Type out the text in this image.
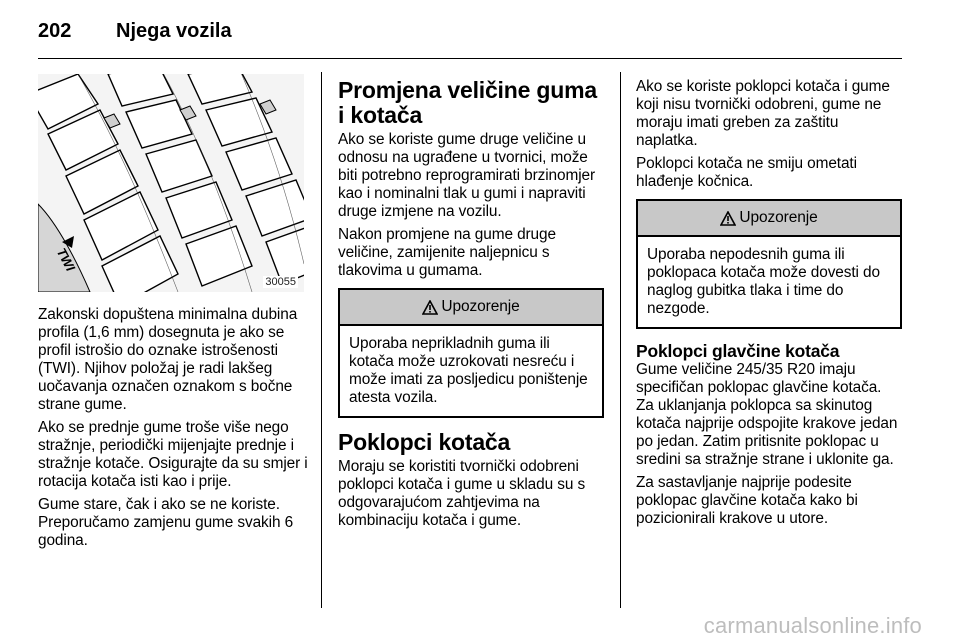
202 Njega vozila
TWI
30055

Zakonski dopuštena minimalna dubina profila (1,6 mm) dosegnuta je ako se profil istrošio do oznake istrošenosti (TWI). Njihov položaj je radi lakšeg uočavanja označen oznakom s bočne strane gume.

Ako se prednje gume troše više nego stražnje, periodički mijenjajte prednje i stražnje kotače. Osigurajte da su smjer i rotacija kotača isti kao i prije.

Gume stare, čak i ako se ne koriste. Preporučamo zamjenu gume svakih 6 godina.

Promjena veličine guma i kotača

Ako se koriste gume druge veličine u odnosu na ugrađene u tvornici, može biti potrebno reprogramirati brzinomjer kao i nominalni tlak u gumi i napraviti druge izmjene na vozilu.

Nakon promjene na gume druge veličine, zamijenite naljepnicu s tlakovima u gumama.

Upozorenje
Uporaba neprikladnih guma ili kotača može uzrokovati nesreću i može imati za posljedicu poništenje atesta vozila.
Poklopci kotača

Moraju se koristiti tvornički odobreni poklopci kotača i gume u skladu su s odgovarajućom zahtjevima na kombinaciju kotača i gume.

Ako se koriste poklopci kotača i gume koji nisu tvornički odobreni, gume ne moraju imati greben za zaštitu naplatka.

Poklopci kotača ne smiju ometati hlađenje kočnica.

Upozorenje
Uporaba nepodesnih guma ili poklopaca kotača može dovesti do naglog gubitka tlaka i time do nezgode.
Poklopci glavčine kotača

Gume veličine 245/35 R20 imaju specifičan poklopac glavčine kotača. Za uklanjanja poklopca sa skinutog kotača najprije odspojite krakove jedan po jedan. Zatim pritisnite poklopac u sredini sa stražnje strane i uklonite ga.

Za sastavljanje najprije podesite poklopac glavčine kotača kako bi pozicionirali krakove u utore.

carmanualsonline.info
